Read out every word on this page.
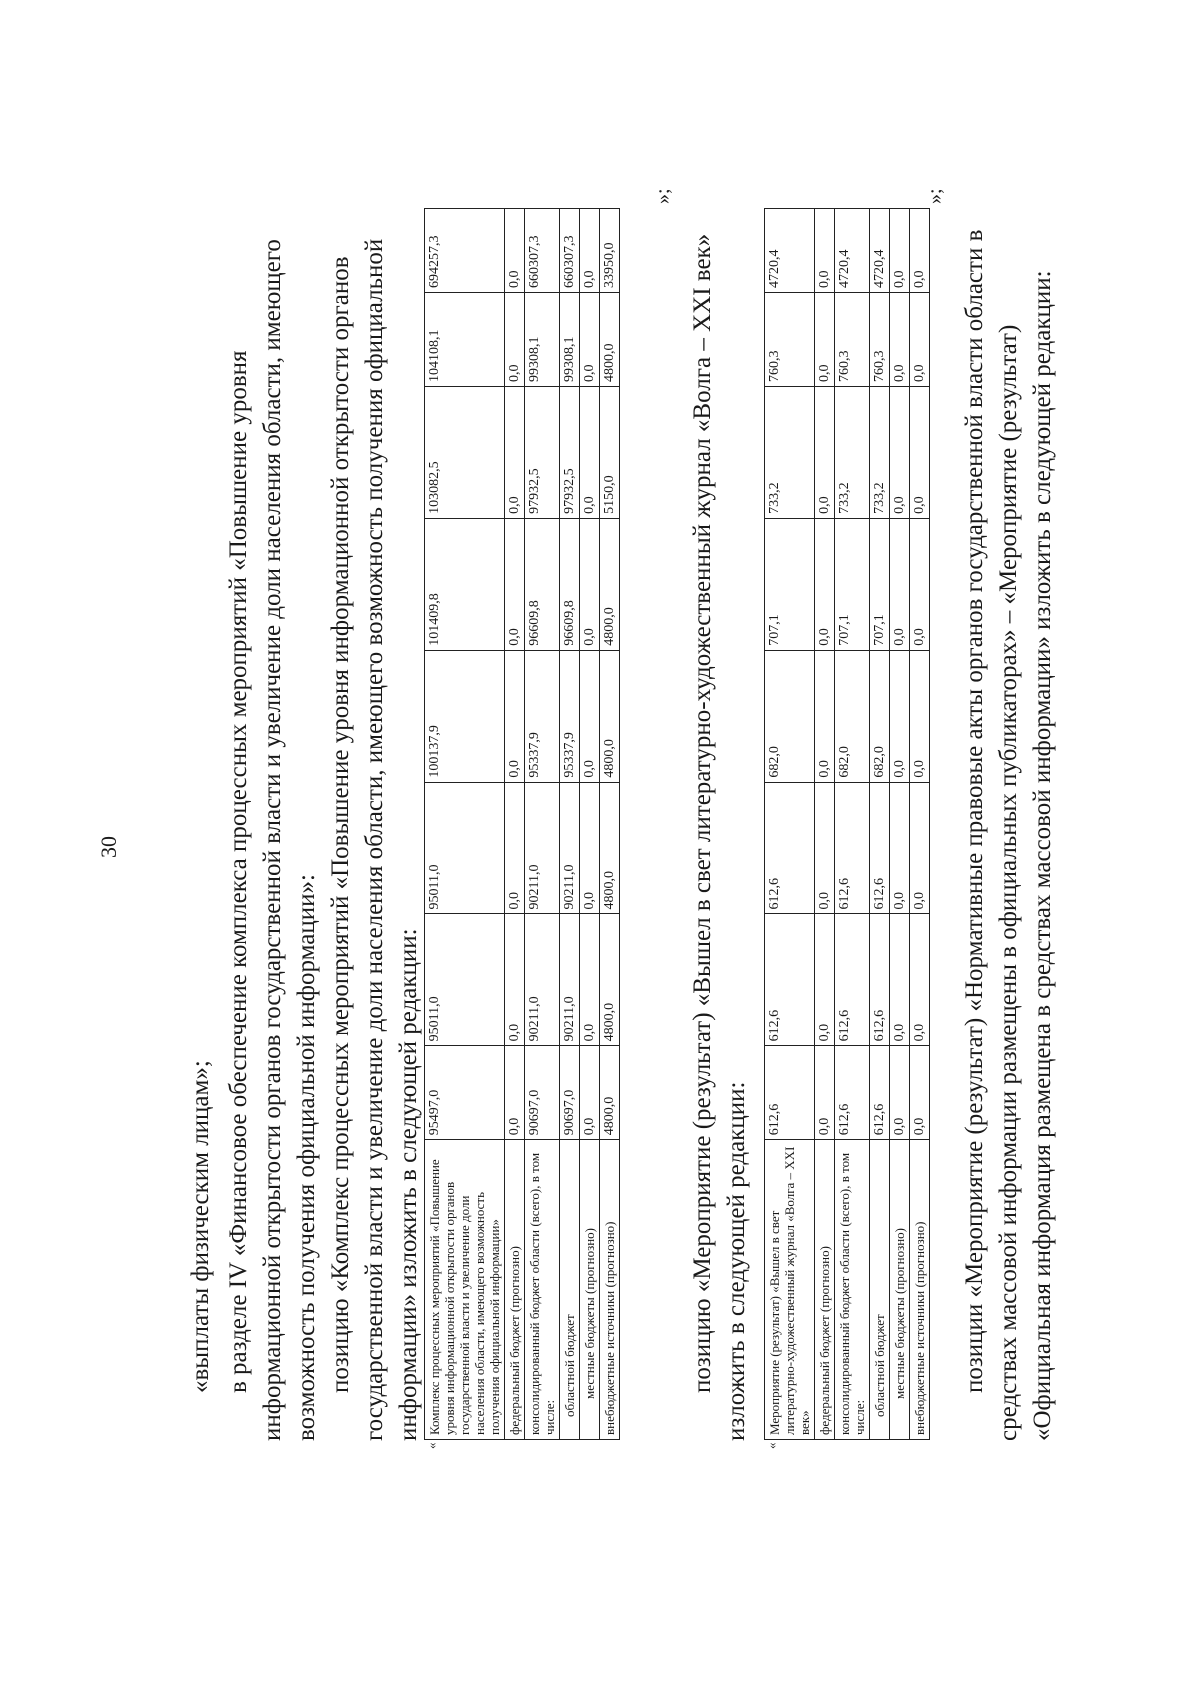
30

«выплаты физическим лицам»; в разделе IV «Финансовое обеспечение комплекса процессных мероприятий «Повышение уровня информационной открытости органов государственной власти и увеличение доли населения области, имеющего возможность получения официальной информации»: позицию «Комплекс процессных мероприятий «Повышение уровня информационной открытости органов государственной власти и увеличение доли населения области, имеющего возможность получения официальной информации» изложить в следующей редакции:

«
Комплекс процессных мероприятий «Повышение уровня информационной открытости органов государственной власти и увеличение доли населения области, имеющего возможность получения официальной информации»	95497,0	95011,0	95011,0	100137,9	101409,8	103082,5	104108,1	694257,3
федеральный бюджет (прогнозно)	0,0	0,0	0,0	0,0	0,0	0,0	0,0	0,0
консолидированный бюджет области (всего), в том числе:	90697,0	90211,0	90211,0	95337,9	96609,8	97932,5	99308,1	660307,3
областной бюджет	90697,0	90211,0	90211,0	95337,9	96609,8	97932,5	99308,1	660307,3
местные бюджеты (прогнозно)	0,0	0,0	0,0	0,0	0,0	0,0	0,0	0,0
внебюджетные источники (прогнозно)	4800,0	4800,0	4800,0	4800,0	4800,0	5150,0	4800,0	33950,0
»;

позицию «Мероприятие (результат) «Вышел в свет литературно-художественный журнал «Волга – XXI век» изложить в следующей редакции:

«
Мероприятие (результат) «Вышел в свет литературно-художественный журнал «Волга – XXI век»	612,6	612,6	612,6	682,0	707,1	733,2	760,3	4720,4
федеральный бюджет (прогнозно)	0,0	0,0	0,0	0,0	0,0	0,0	0,0	0,0
консолидированный бюджет области (всего), в том числе:	612,6	612,6	612,6	682,0	707,1	733,2	760,3	4720,4
областной бюджет	612,6	612,6	612,6	682,0	707,1	733,2	760,3	4720,4
местные бюджеты (прогнозно)	0,0	0,0	0,0	0,0	0,0	0,0	0,0	0,0
внебюджетные источники (прогнозно)	0,0	0,0	0,0	0,0	0,0	0,0	0,0	0,0
»;

позиции «Мероприятие (результат) «Нормативные правовые акты органов государственной власти области в средствах массовой информации размещены в официальных публикаторах» – «Мероприятие (результат) «Официальная информация размещена в средствах массовой информации» изложить в следующей редакции:
